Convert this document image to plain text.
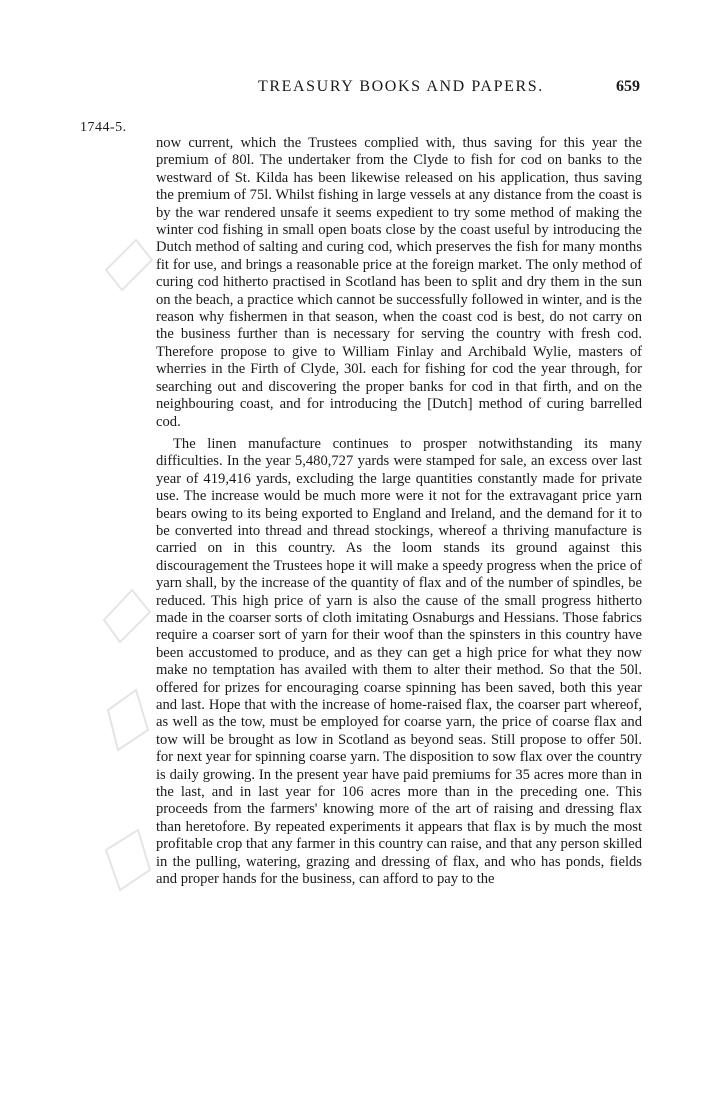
TREASURY BOOKS AND PAPERS.	659
1744-5.

now current, which the Trustees complied with, thus saving for this year the premium of 80l. The undertaker from the Clyde to fish for cod on banks to the westward of St. Kilda has been likewise released on his application, thus saving the premium of 75l. Whilst fishing in large vessels at any distance from the coast is by the war rendered unsafe it seems expedient to try some method of making the winter cod fishing in small open boats close by the coast useful by introducing the Dutch method of salting and curing cod, which preserves the fish for many months fit for use, and brings a reasonable price at the foreign market. The only method of curing cod hitherto practised in Scotland has been to split and dry them in the sun on the beach, a practice which cannot be successfully followed in winter, and is the reason why fishermen in that season, when the coast cod is best, do not carry on the business further than is necessary for serving the country with fresh cod. Therefore propose to give to William Finlay and Archibald Wylie, masters of wherries in the Firth of Clyde, 30l. each for fishing for cod the year through, for searching out and discovering the proper banks for cod in that firth, and on the neighbouring coast, and for introducing the [Dutch] method of curing barrelled cod.

The linen manufacture continues to prosper notwithstanding its many difficulties. In the year 5,480,727 yards were stamped for sale, an excess over last year of 419,416 yards, excluding the large quantities constantly made for private use. The increase would be much more were it not for the extravagant price yarn bears owing to its being exported to England and Ireland, and the demand for it to be converted into thread and thread stockings, whereof a thriving manufacture is carried on in this country. As the loom stands its ground against this discouragement the Trustees hope it will make a speedy progress when the price of yarn shall, by the increase of the quantity of flax and of the number of spindles, be reduced. This high price of yarn is also the cause of the small progress hitherto made in the coarser sorts of cloth imitating Osnaburgs and Hessians. Those fabrics require a coarser sort of yarn for their woof than the spinsters in this country have been accustomed to produce, and as they can get a high price for what they now make no temptation has availed with them to alter their method. So that the 50l. offered for prizes for encouraging coarse spinning has been saved, both this year and last. Hope that with the increase of home-raised flax, the coarser part whereof, as well as the tow, must be employed for coarse yarn, the price of coarse flax and tow will be brought as low in Scotland as beyond seas. Still propose to offer 50l. for next year for spinning coarse yarn. The disposition to sow flax over the country is daily growing. In the present year have paid premiums for 35 acres more than in the last, and in last year for 106 acres more than in the preceding one. This proceeds from the farmers' knowing more of the art of raising and dressing flax than heretofore. By repeated experiments it appears that flax is by much the most profitable crop that any farmer in this country can raise, and that any person skilled in the pulling, watering, grazing and dressing of flax, and who has ponds, fields and proper hands for the business, can afford to pay to the
